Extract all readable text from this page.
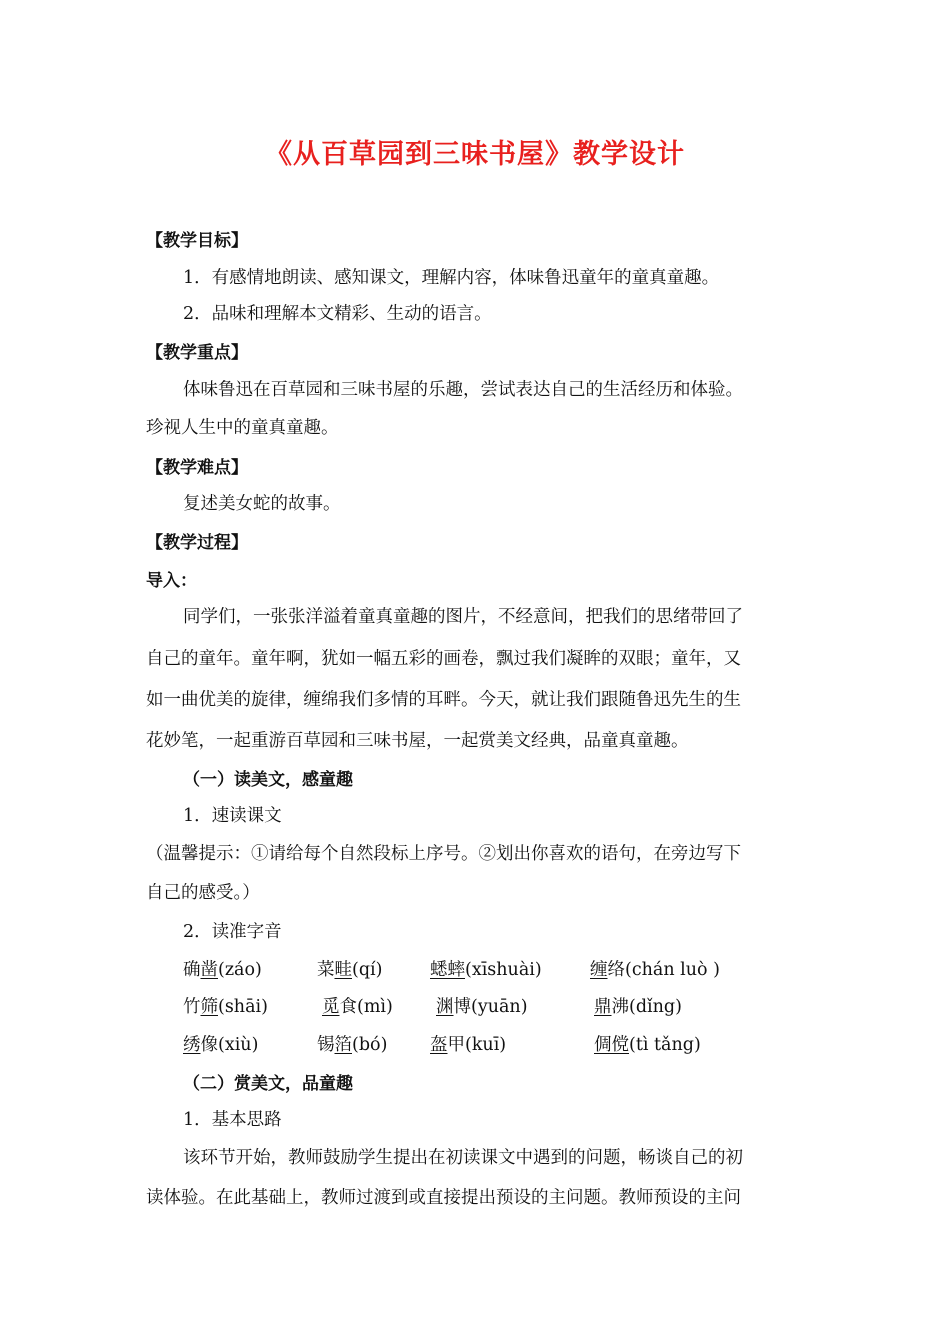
《从百草园到三味书屋》教学设计
【教学目标】
1．有感情地朗读、感知课文，理解内容，体味鲁迅童年的童真童趣。
2．品味和理解本文精彩、生动的语言。
【教学重点】
体味鲁迅在百草园和三味书屋的乐趣，尝试表达自己的生活经历和体验。
珍视人生中的童真童趣。
【教学难点】
复述美女蛇的故事。
【教学过程】
导入：
同学们，一张张洋溢着童真童趣的图片，不经意间，把我们的思绪带回了
自己的童年。童年啊，犹如一幅五彩的画卷，飘过我们凝眸的双眼；童年，又
如一曲优美的旋律，缠绵我们多情的耳畔。今天，就让我们跟随鲁迅先生的生
花妙笔，一起重游百草园和三味书屋，一起赏美文经典，品童真童趣。
（一）读美文，感童趣
1．速读课文
（温馨提示：①请给每个自然段标上序号。②划出你喜欢的语句，在旁边写下
自己的感受。）
2．读准字音
确凿(záo)	菜畦(qí)	蟋蟀(xīshuài)	缠络(chán luò )
竹筛(shāi)	觅食(mì) 渊博(yuān)	鼎沸(dǐng)
绣像(xiù)	锡箔(bó) 盔甲(kuī)	倜傥(tì tǎng)
（二）赏美文，品童趣
1．基本思路
该环节开始，教师鼓励学生提出在初读课文中遇到的问题，畅谈自己的初
读体验。在此基础上，教师过渡到或直接提出预设的主问题。教师预设的主问
